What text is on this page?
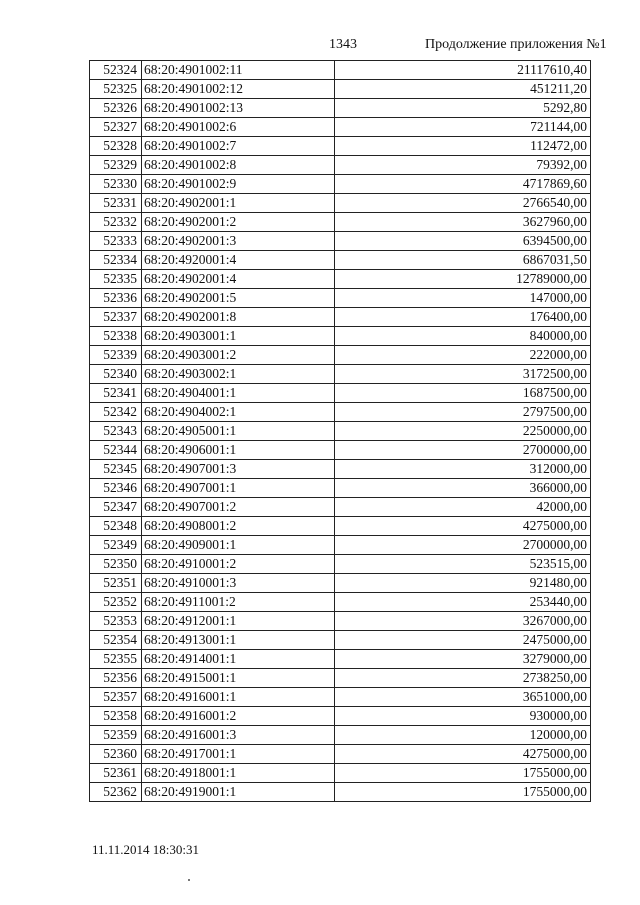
1343	Продолжение приложения №1
52324	68:20:4901002:11	21117610,40
52325	68:20:4901002:12	451211,20
52326	68:20:4901002:13	5292,80
52327	68:20:4901002:6	721144,00
52328	68:20:4901002:7	112472,00
52329	68:20:4901002:8	79392,00
52330	68:20:4901002:9	4717869,60
52331	68:20:4902001:1	2766540,00
52332	68:20:4902001:2	3627960,00
52333	68:20:4902001:3	6394500,00
52334	68:20:4920001:4	6867031,50
52335	68:20:4902001:4	12789000,00
52336	68:20:4902001:5	147000,00
52337	68:20:4902001:8	176400,00
52338	68:20:4903001:1	840000,00
52339	68:20:4903001:2	222000,00
52340	68:20:4903002:1	3172500,00
52341	68:20:4904001:1	1687500,00
52342	68:20:4904002:1	2797500,00
52343	68:20:4905001:1	2250000,00
52344	68:20:4906001:1	2700000,00
52345	68:20:4907001:3	312000,00
52346	68:20:4907001:1	366000,00
52347	68:20:4907001:2	42000,00
52348	68:20:4908001:2	4275000,00
52349	68:20:4909001:1	2700000,00
52350	68:20:4910001:2	523515,00
52351	68:20:4910001:3	921480,00
52352	68:20:4911001:2	253440,00
52353	68:20:4912001:1	3267000,00
52354	68:20:4913001:1	2475000,00
52355	68:20:4914001:1	3279000,00
52356	68:20:4915001:1	2738250,00
52357	68:20:4916001:1	3651000,00
52358	68:20:4916001:2	930000,00
52359	68:20:4916001:3	120000,00
52360	68:20:4917001:1	4275000,00
52361	68:20:4918001:1	1755000,00
52362	68:20:4919001:1	1755000,00
11.11.2014 18:30:31
